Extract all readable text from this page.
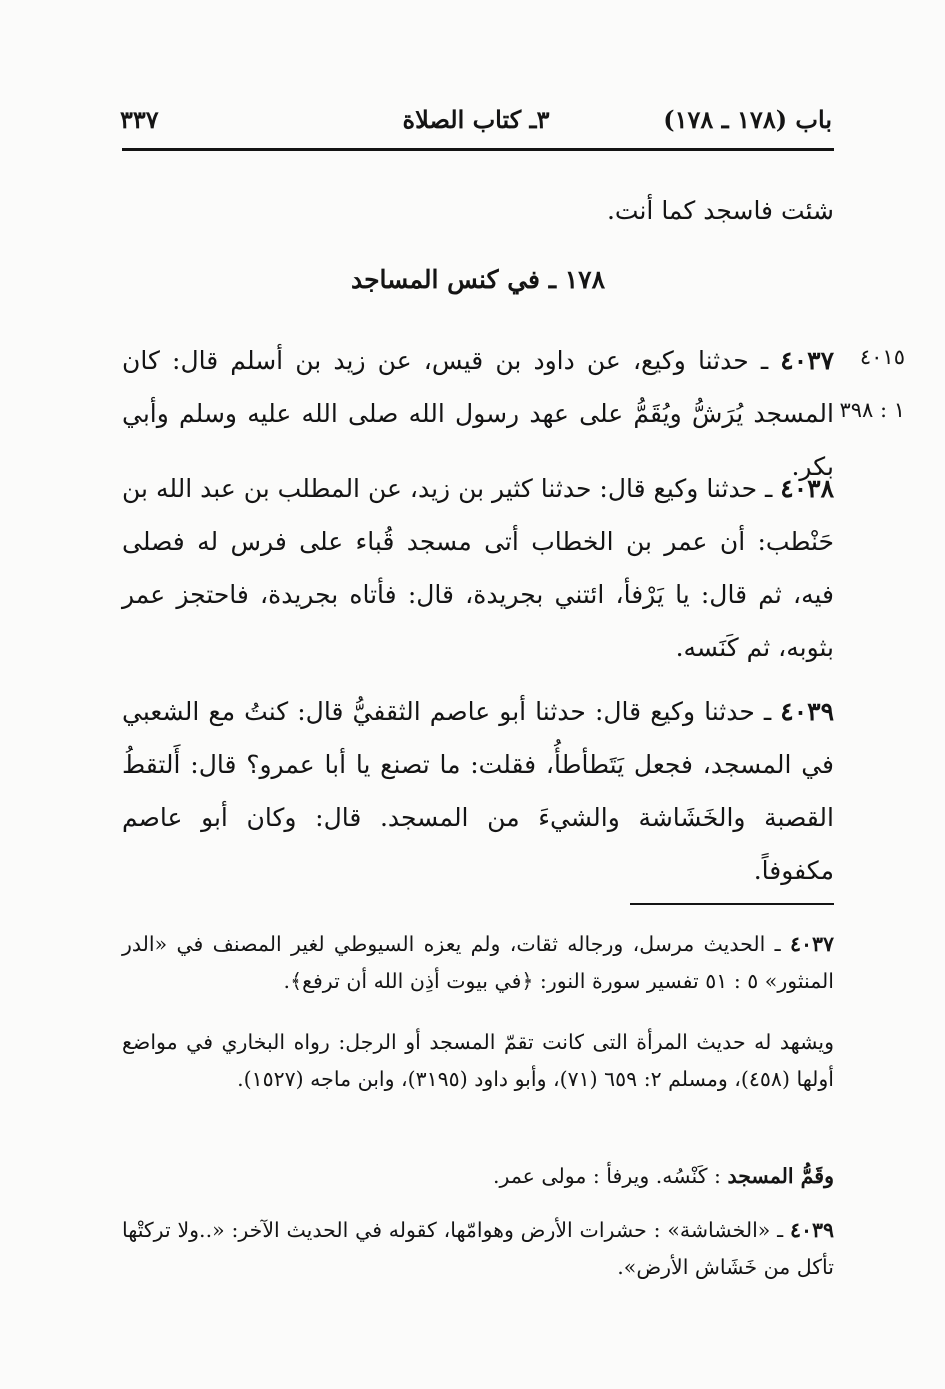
باب (١٧٨ ـ ١٧٨)
٣ـ كتاب الصلاة
٣٣٧
شئت فاسجد كما أنت.
١٧٨ ـ في كنس المساجد
٤٠١٥
١ : ٣٩٨
٤٠٣٧ ـ حدثنا وكيع، عن داود بن قيس، عن زيد بن أسلم قال: كان المسجد يُرَشُّ ويُقَمُّ على عهد رسول الله صلى الله عليه وسلم وأبي بكر.
٤٠٣٨ ـ حدثنا وكيع قال: حدثنا كثير بن زيد، عن المطلب بن عبد الله بن حَنْطب: أن عمر بن الخطاب أتى مسجد قُباء على فرس له فصلى فيه، ثم قال: يا يَرْفأ، ائتني بجريدة، قال: فأتاه بجريدة، فاحتجز عمر بثوبه، ثم كَنَسه.
٤٠٣٩ ـ حدثنا وكيع قال: حدثنا أبو عاصم الثقفيُّ قال: كنتُ مع الشعبي في المسجد، فجعل يَتَطأطأُ، فقلت: ما تصنع يا أبا عمرو؟ قال: أَلتقطُ القصبة والخَشَاشة والشيءَ من المسجد. قال: وكان أبو عاصم مكفوفاً.
٤٠٣٧ ـ الحديث مرسل، ورجاله ثقات، ولم يعزه السيوطي لغير المصنف في «الدر المنثور» ٥ : ٥١ تفسير سورة النور: ﴿في بيوت أذِن الله أن ترفع﴾.
ويشهد له حديث المرأة التى كانت تقمّ المسجد أو الرجل: رواه البخاري في مواضع أولها (٤٥٨)، ومسلم ٢: ٦٥٩ (٧١)، وأبو داود (٣١٩٥)، وابن ماجه (١٥٢٧).
وقَمُّ المسجد : كَنْسُه. ويرفأ : مولى عمر.
٤٠٣٩ ـ «الخشاشة» : حشرات الأرض وهوامّها، كقوله في الحديث الآخر: «..ولا تركتْها تأكل من خَشَاش الأرض».
